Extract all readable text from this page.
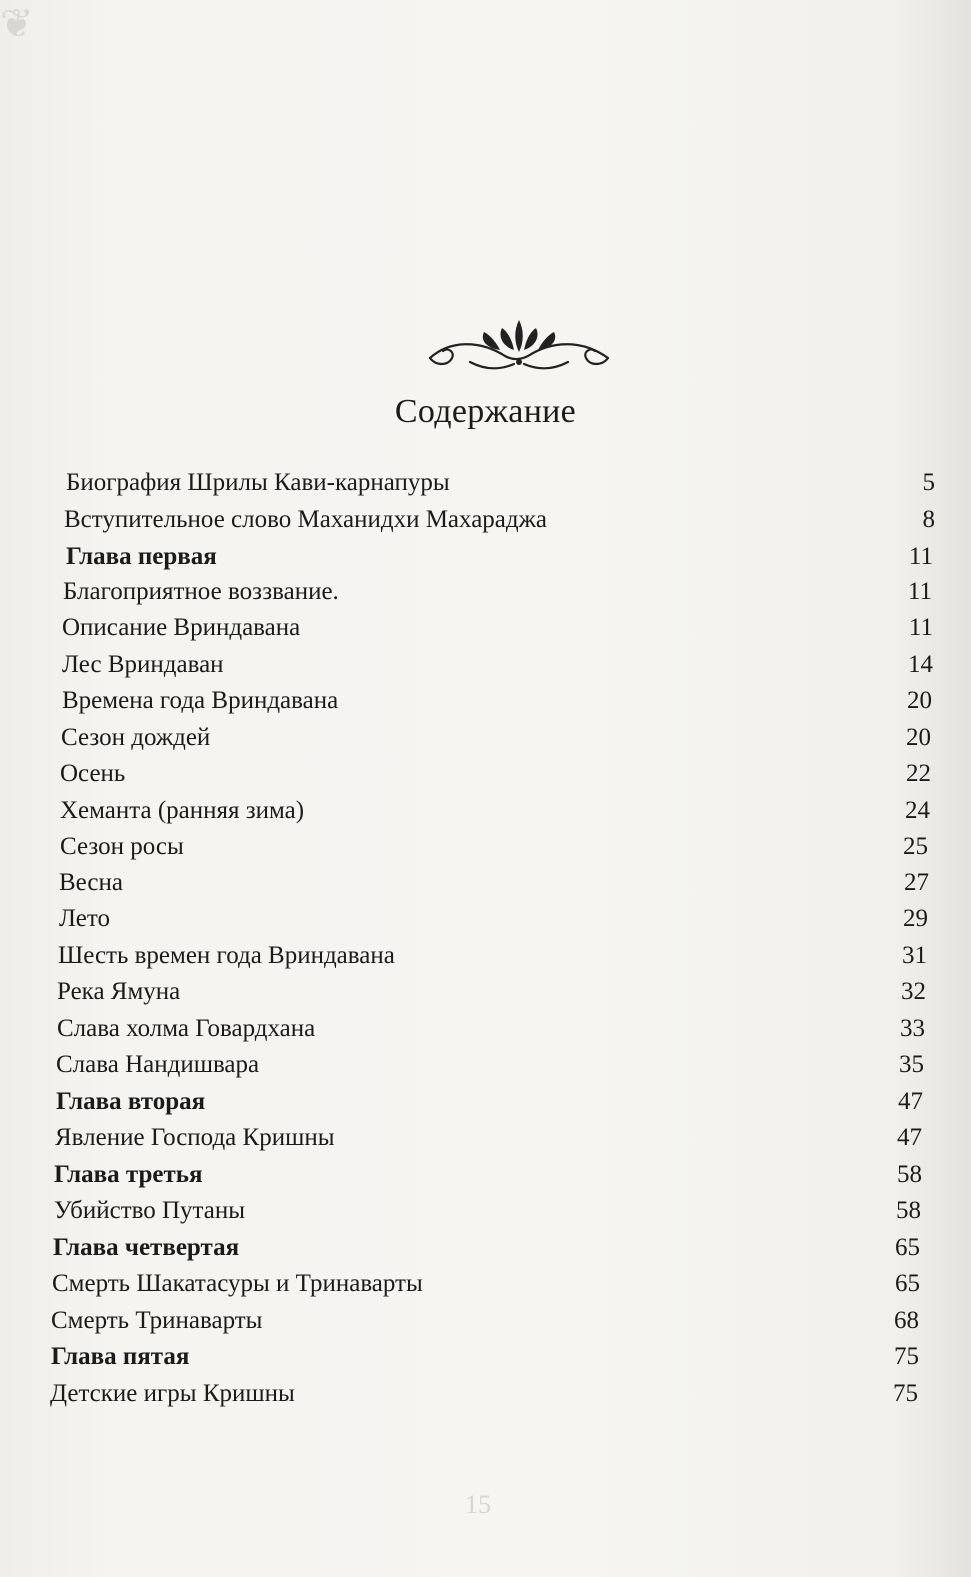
❦
Содержание
Биография Шрилы Кави-карнапуры	5
Вступительное слово Маханидхи Махараджа	8
Глава первая	11
Благоприятное воззвание.	11
Описание Вриндавана	11
Лес Вриндаван	14
Времена года Вриндавана	20
Сезон дождей	20
Осень	22
Хеманта (ранняя зима)	24
Сезон росы	25
Весна	27
Лето	29
Шесть времен года Вриндавана	31
Река Ямуна	32
Слава холма Говардхана	33
Слава Нандишвара	35
Глава вторая	47
Явление Господа Кришны	47
Глава третья	58
Убийство Путаны	58
Глава четвертая	65
Смерть Шакатасуры и Тринаварты	65
Смерть Тринаварты	68
Глава пятая	75
Детские игры Кришны	75
15
